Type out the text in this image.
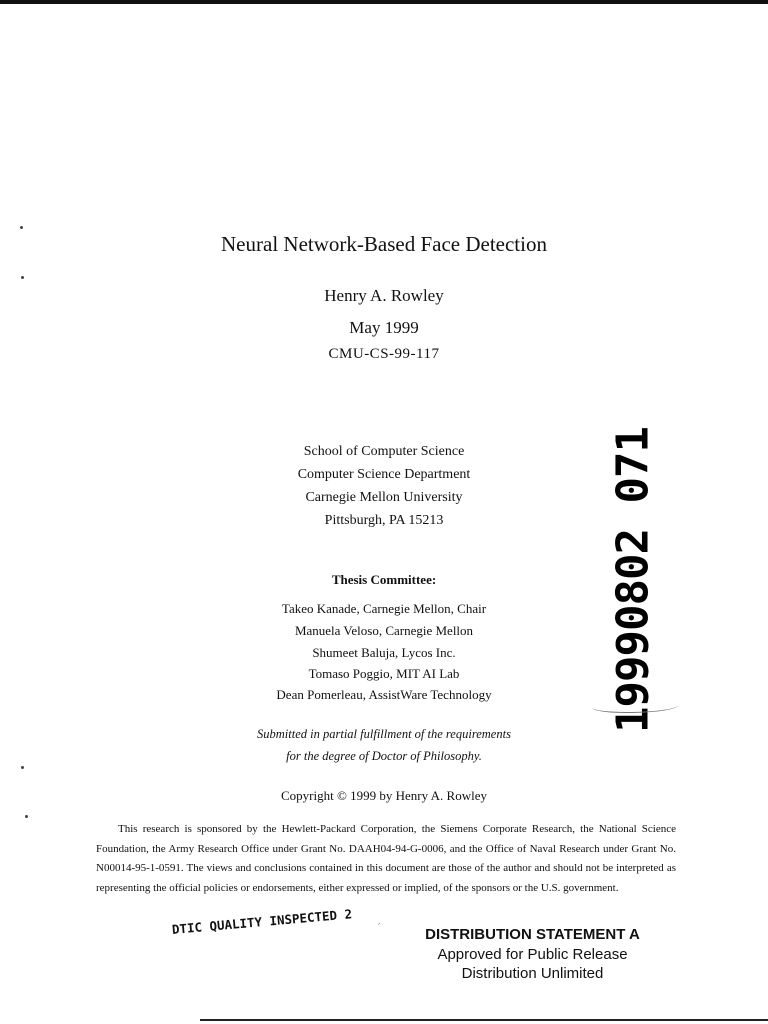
Neural Network-Based Face Detection
Henry A. Rowley
May 1999
CMU-CS-99-117
School of Computer Science
Computer Science Department
Carnegie Mellon University
Pittsburgh, PA 15213
Thesis Committee:
Takeo Kanade, Carnegie Mellon, Chair
Manuela Veloso, Carnegie Mellon
Shumeet Baluja, Lycos Inc.
Tomaso Poggio, MIT AI Lab
Dean Pomerleau, AssistWare Technology
Submitted in partial fulfillment of the requirements
for the degree of Doctor of Philosophy.
Copyright © 1999 by Henry A. Rowley
This research is sponsored by the Hewlett-Packard Corporation, the Siemens Corporate Research, the National Science Foundation, the Army Research Office under Grant No. DAAH04-94-G-0006, and the Office of Naval Research under Grant No. N00014-95-1-0591. The views and conclusions contained in this document are those of the author and should not be interpreted as representing the official policies or endorsements, either expressed or implied, of the sponsors or the U.S. government.
DTIC QUALITY INSPECTED 2	′	DISTRIBUTION STATEMENT A
Approved for Public Release
Distribution Unlimited
19990802 071
